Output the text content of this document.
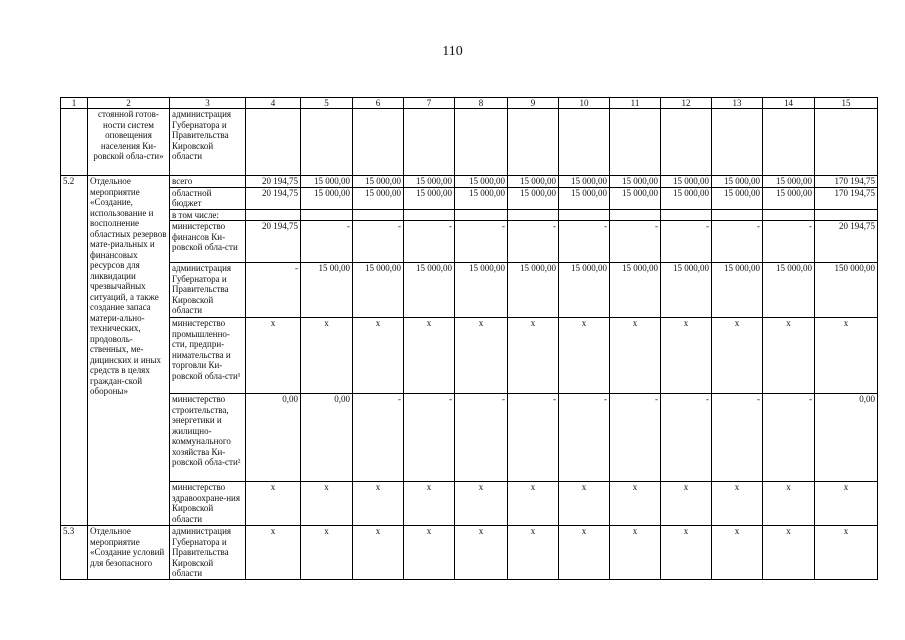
110
1	2	3	4	5	6	7	8	9	10	11	12	13	14	15
	стоянной готов-ности систем оповещения населения Ки-ровской обла-сти»	администрация Губернатора и Правительства Кировской области												
5.2	Отдельное мероприятие «Создание, использование и восполнение областных резервов мате-риальных и финансовых ресурсов для ликвидации чрезвычайных ситуаций, а также создание запаса матери-ально-технических, продоволь-ственных, ме-дицинских и иных средств в целях граждан-ской обороны»	всего	20 194,75	15 000,00	15 000,00	15 000,00	15 000,00	15 000,00	15 000,00	15 000,00	15 000,00	15 000,00	15 000,00	170 194,75
		областной бюджет	20 194,75	15 000,00	15 000,00	15 000,00	15 000,00	15 000,00	15 000,00	15 000,00	15 000,00	15 000,00	15 000,00	170 194,75
		в том числе:												
		министерство финансов Ки-ровской обла-сти	20 194,75	-	-	-	-	-	-	-	-	-	-	20 194,75
		администрация Губернатора и Правительства Кировской области	-	15 00,00	15 000,00	15 000,00	15 000,00	15 000,00	15 000,00	15 000,00	15 000,00	15 000,00	15 000,00	150 000,00
		министерство промышленно-сти, предпри-нимательства и торговли Ки-ровской обла-сти¹	x	x	x	x	x	x	x	x	x	x	x	x
		министерство строительства, энергетики и жилищно-коммунального хозяйства Ки-ровской обла-сти²	0,00	0,00	-	-	-	-	-	-	-	-	-	0,00
		министерство здравоохране-ния Кировской области	x	x	x	x	x	x	x	x	x	x	x	x
5.3	Отдельное мероприятие «Создание условий для безопасного	администрация Губернатора и Правительства Кировской области	x	x	x	x	x	x	x	x	x	x	x	x
